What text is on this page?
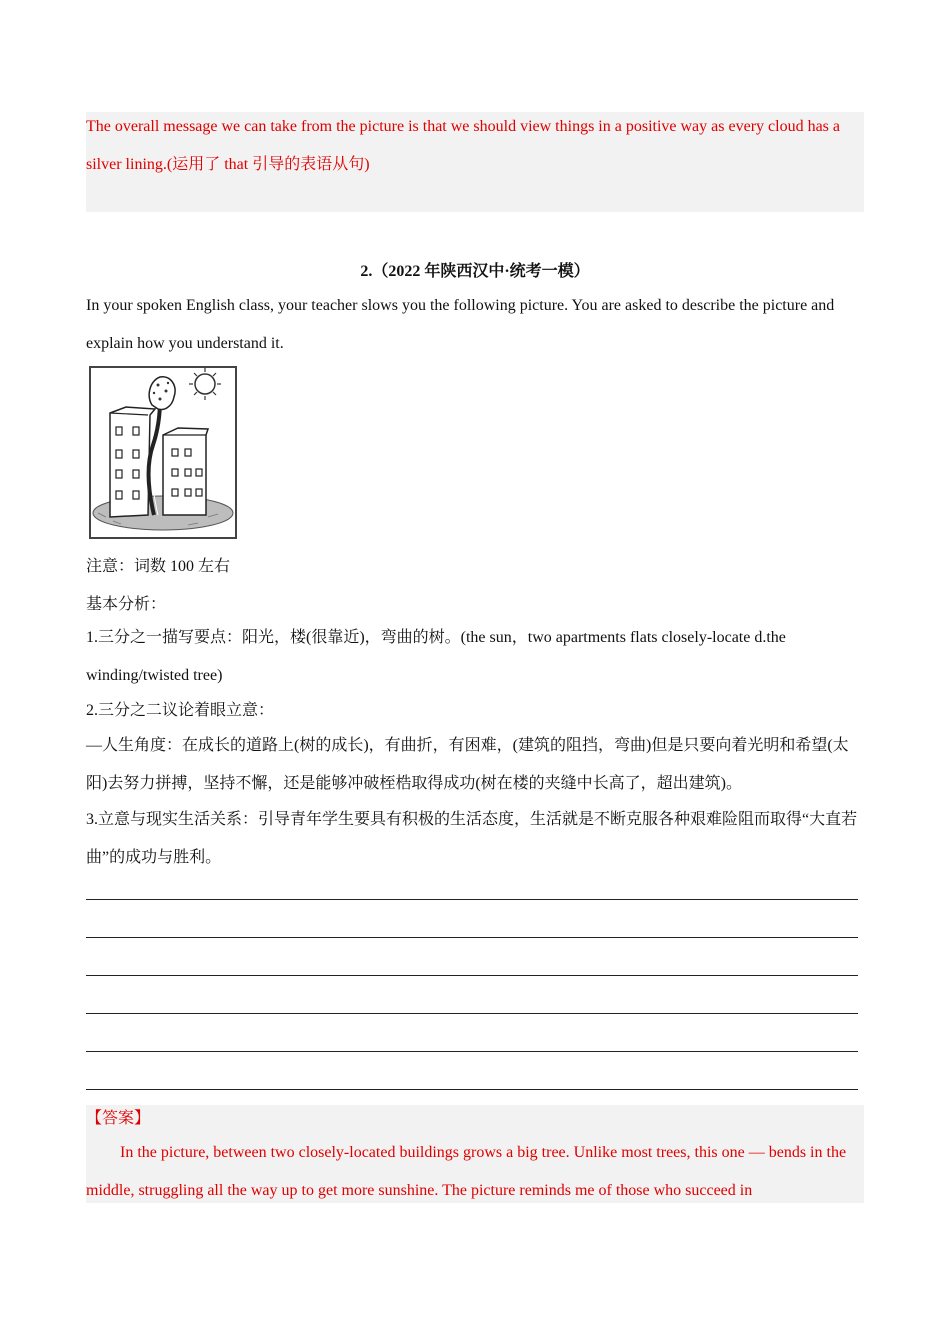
The overall message we can take from the picture is that we should view things in a positive way as every cloud has a silver lining.(运用了 that 引导的表语从句)
2.（2022 年陕西汉中·统考一模）
In your spoken English class, your teacher slows you the following picture. You are asked to describe the picture and explain how you understand it.
注意：词数 100 左右
基本分析：
1.三分之一描写要点：阳光，楼(很靠近)，弯曲的树。(the sun，two apartments flats closely-locate d.the winding/twisted tree)
2.三分之二议论着眼立意：
—人生角度：在成长的道路上(树的成长)，有曲折，有困难，(建筑的阻挡，弯曲)但是只要向着光明和希望(太阳)去努力拼搏，坚持不懈，还是能够冲破桎梏取得成功(树在楼的夹缝中长高了，超出建筑)。
3.立意与现实生活关系：引导青年学生要具有积极的生活态度，生活就是不断克服各种艰难险阻而取得“大直若曲”的成功与胜利。
【答案】
In the picture, between two closely-located buildings grows a big tree. Unlike most trees, this one — bends in the middle, struggling all the way up to get more sunshine. The picture reminds me of those who succeed in
